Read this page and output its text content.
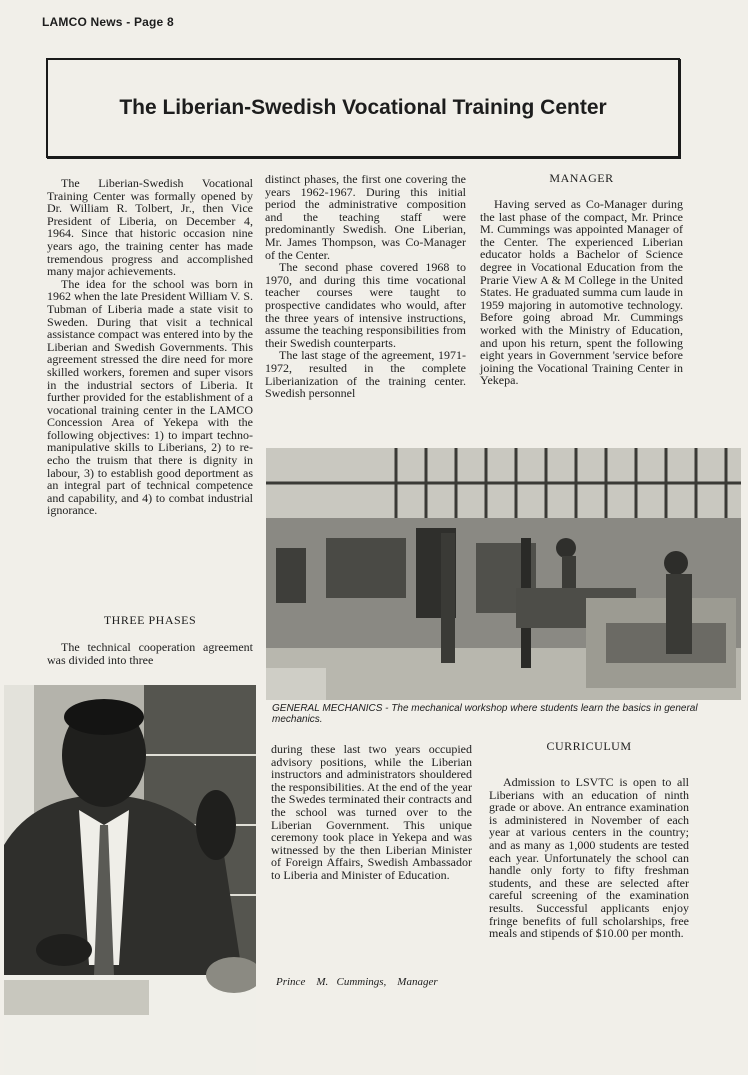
LAMCO News - Page 8
The Liberian-Swedish Vocational Training Center

The Liberian-Swedish Vocational Training Center was formally opened by Dr. William R. Tolbert, Jr., then Vice President of Liberia, on December 4, 1964. Since that historic occasion nine years ago, the training center has made tremendous progress and accomplished many major achievements.

The idea for the school was born in 1962 when the late President William V. S. Tubman of Liberia made a state visit to Sweden. During that visit a technical assistance compact was entered into by the Liberian and Swedish Governments. This agreement stressed the dire need for more skilled workers, foremen and super visors in the industrial sectors of Liberia. It further provided for the establishment of a vocational training center in the LAMCO Concession Area of Yekepa with the following objectives: 1) to impart techno-manipulative skills to Liberians, 2) to re-echo the truism that there is dignity in labour, 3) to establish good deportment as an integral part of technical competence and capability, and 4) to combat industrial ignorance.

THREE PHASES

The technical cooperation agreement was divided into three

distinct phases, the first one covering the years 1962-1967. During this initial period the administrative composition and the teaching staff were predominantly Swedish. One Liberian, Mr. James Thompson, was Co-Manager of the Center.

The second phase covered 1968 to 1970, and during this time vocational teacher courses were taught to prospective candidates who would, after the three years of intensive instructions, assume the teaching responsibilities from their Swedish counterparts.

The last stage of the agreement, 1971-1972, resulted in the complete Liberianization of the training center. Swedish personnel

MANAGER

Having served as Co-Manager during the last phase of the compact, Mr. Prince M. Cummings was appointed Manager of the Center. The experienced Liberian educator holds a Bachelor of Science degree in Vocational Education from the Prarie View A & M College in the United States. He graduated summa cum laude in 1959 majoring in automotive technology. Before going abroad Mr. Cummings worked with the Ministry of Education, and upon his return, spent the following eight years in Government 'service before joining the Vocational Training Center in Yekepa.

GENERAL MECHANICS - The mechanical workshop where students learn the basics in general mechanics.

during these last two years occupied advisory positions, while the Liberian instructors and administrators shouldered the responsibilities. At the end of the year the Swedes terminated their contracts and the school was turned over to the Liberian Government. This unique ceremony took place in Yekepa and was witnessed by the then Liberian Minister of Foreign Affairs, Swedish Ambassador to Liberia and Minister of Education.

Prince    M.   Cummings,    Manager
CURRICULUM

Admission to LSVTC is open to all Liberians with an education of ninth grade or above. An entrance examination is administered in November of each year at various centers in the country; and as many as 1,000 students are tested each year. Unfortunately the school can handle only forty to fifty freshman students, and these are selected after careful screening of the examination results. Successful applicants enjoy fringe benefits of full scholarships, free meals and stipends of $10.00 per month.
